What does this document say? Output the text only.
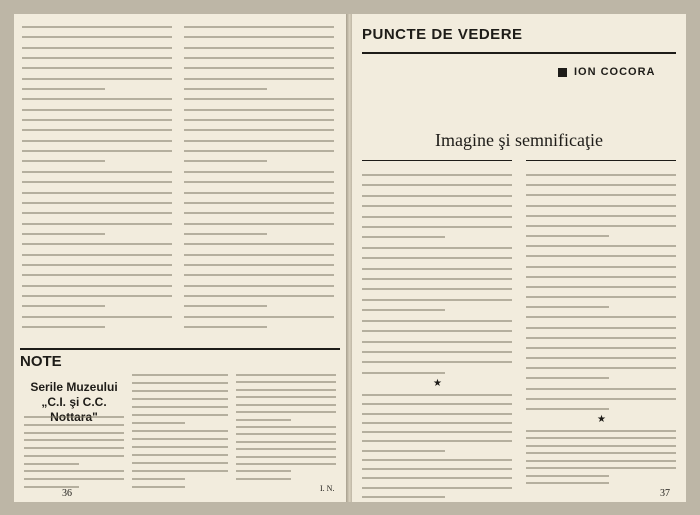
NOTE
Serile Muzeului „C.I. şi C.C.
I. N.
36
PUNCTE DE VEDERE
ION COCORA
Imagine şi semnificaţie
★
★
37
